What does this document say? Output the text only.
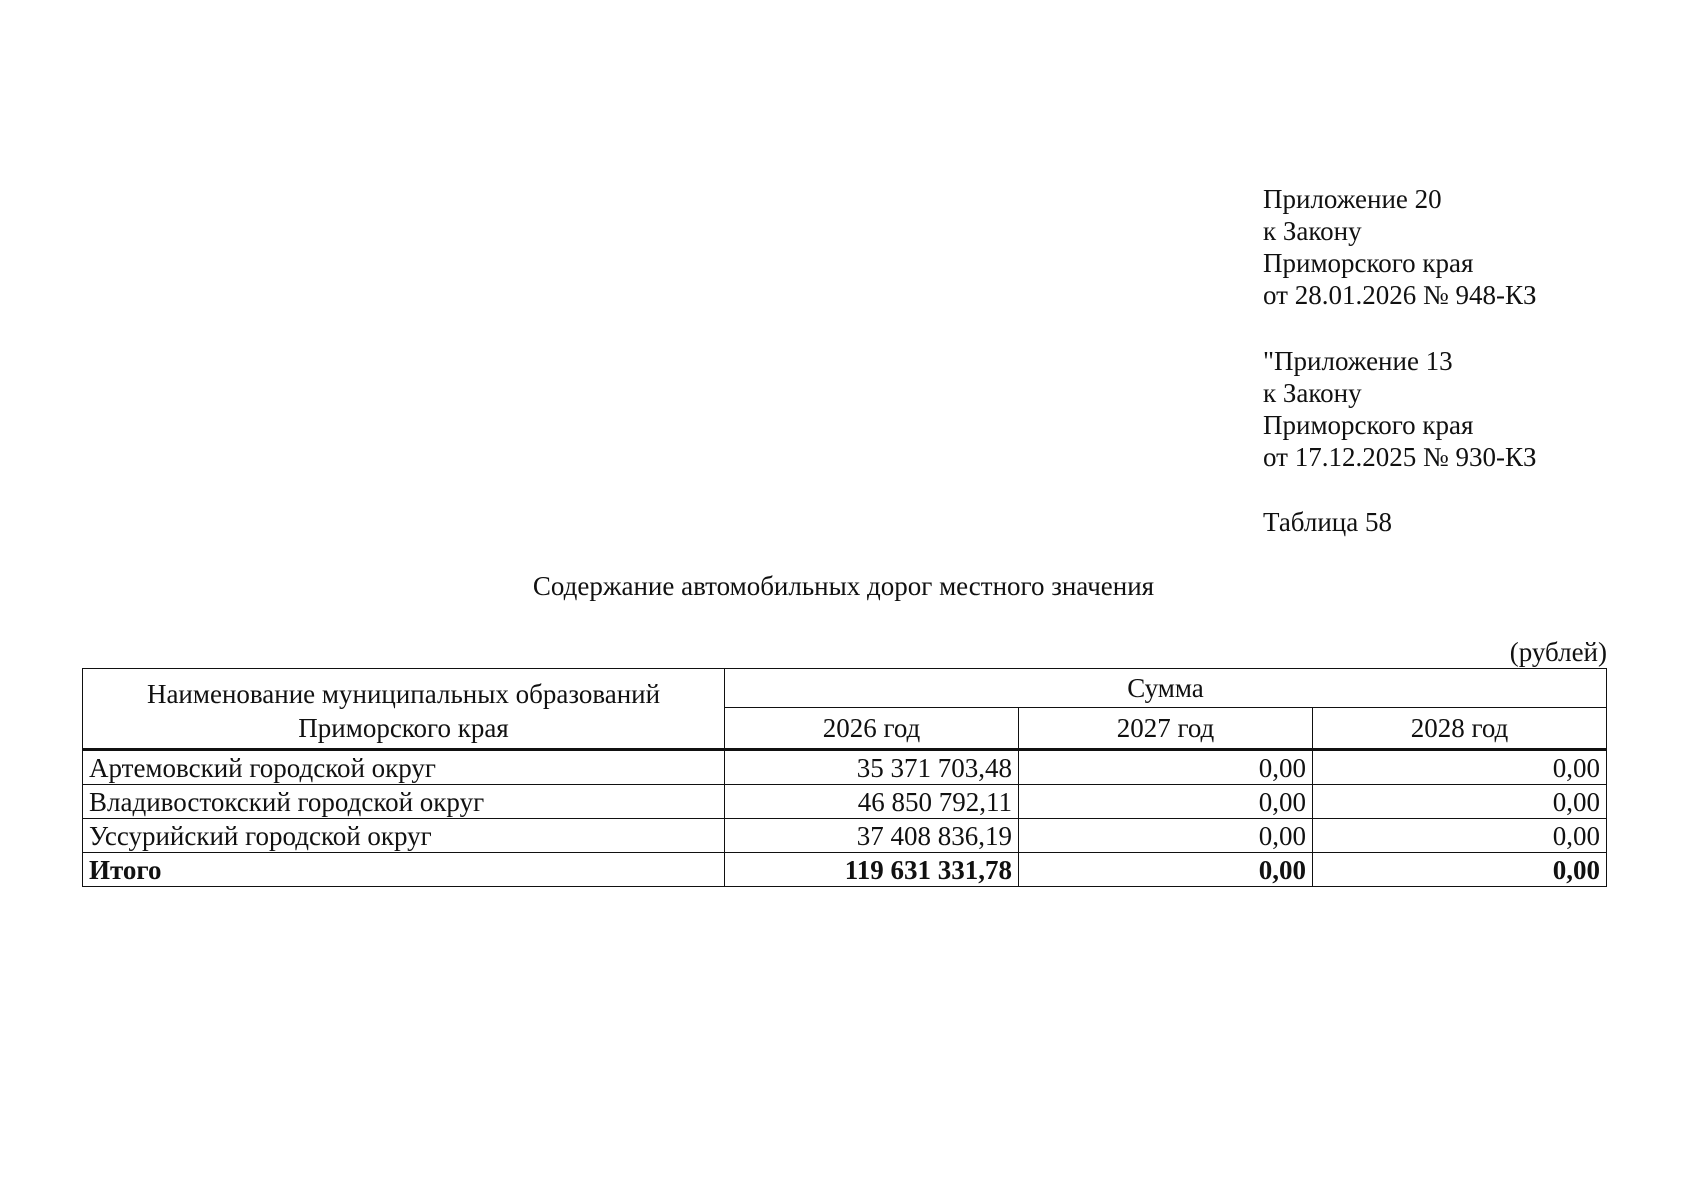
Приложение 20
к Закону
Приморского края
от 28.01.2026 № 948-КЗ
"Приложение 13
к Закону
Приморского края
от 17.12.2025 № 930-КЗ
Таблица 58
Содержание автомобильных дорог местного значения
(рублей)
Наименование муниципальных образований
Приморского края	Сумма		
	2026 год	2027 год	2028 год
Артемовский городской округ	35 371 703,48	0,00	0,00
Владивостокский городской округ	46 850 792,11	0,00	0,00
Уссурийский городской округ	37 408 836,19	0,00	0,00
Итого	119 631 331,78	0,00	0,00
